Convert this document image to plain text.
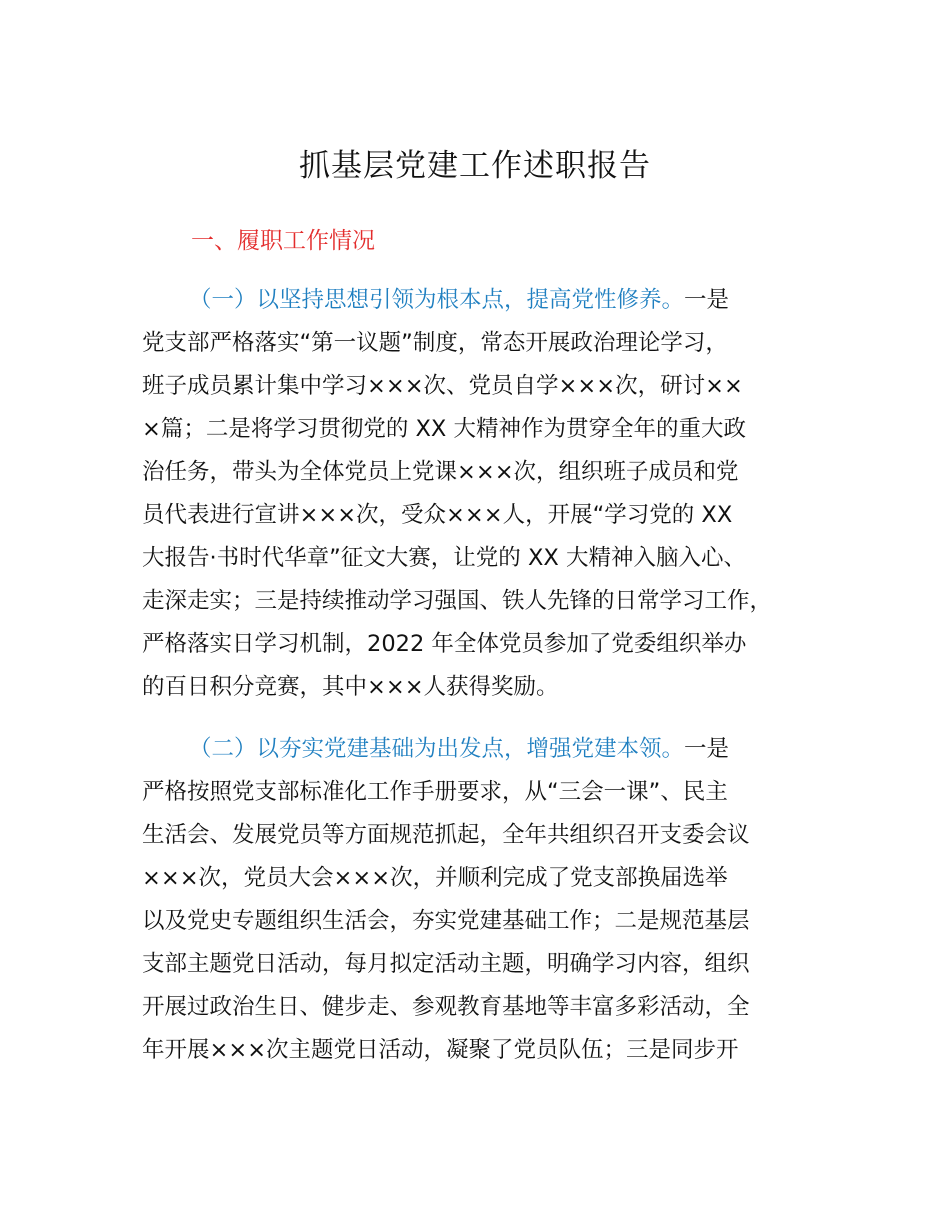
抓基层党建工作述职报告
一、履职工作情况
（一）以坚持思想引领为根本点，提高党性修养。一是
党支部严格落实“第一议题”制度，常态开展政治理论学习，
班子成员累计集中学习×××次、党员自学×××次，研讨××
×篇；二是将学习贯彻党的 XX 大精神作为贯穿全年的重大政
治任务，带头为全体党员上党课×××次，组织班子成员和党
员代表进行宣讲×××次，受众×××人，开展“学习党的 XX
大报告·书时代华章”征文大赛，让党的 XX 大精神入脑入心、
走深走实；三是持续推动学习强国、铁人先锋的日常学习工作，
严格落实日学习机制，2022 年全体党员参加了党委组织举办
的百日积分竞赛，其中×××人获得奖励。
（二）以夯实党建基础为出发点，增强党建本领。一是
严格按照党支部标准化工作手册要求，从“三会一课”、民主
生活会、发展党员等方面规范抓起，全年共组织召开支委会议
×××次，党员大会×××次，并顺利完成了党支部换届选举
以及党史专题组织生活会，夯实党建基础工作；二是规范基层
支部主题党日活动，每月拟定活动主题，明确学习内容，组织
开展过政治生日、健步走、参观教育基地等丰富多彩活动，全
年开展×××次主题党日活动，凝聚了党员队伍；三是同步开
